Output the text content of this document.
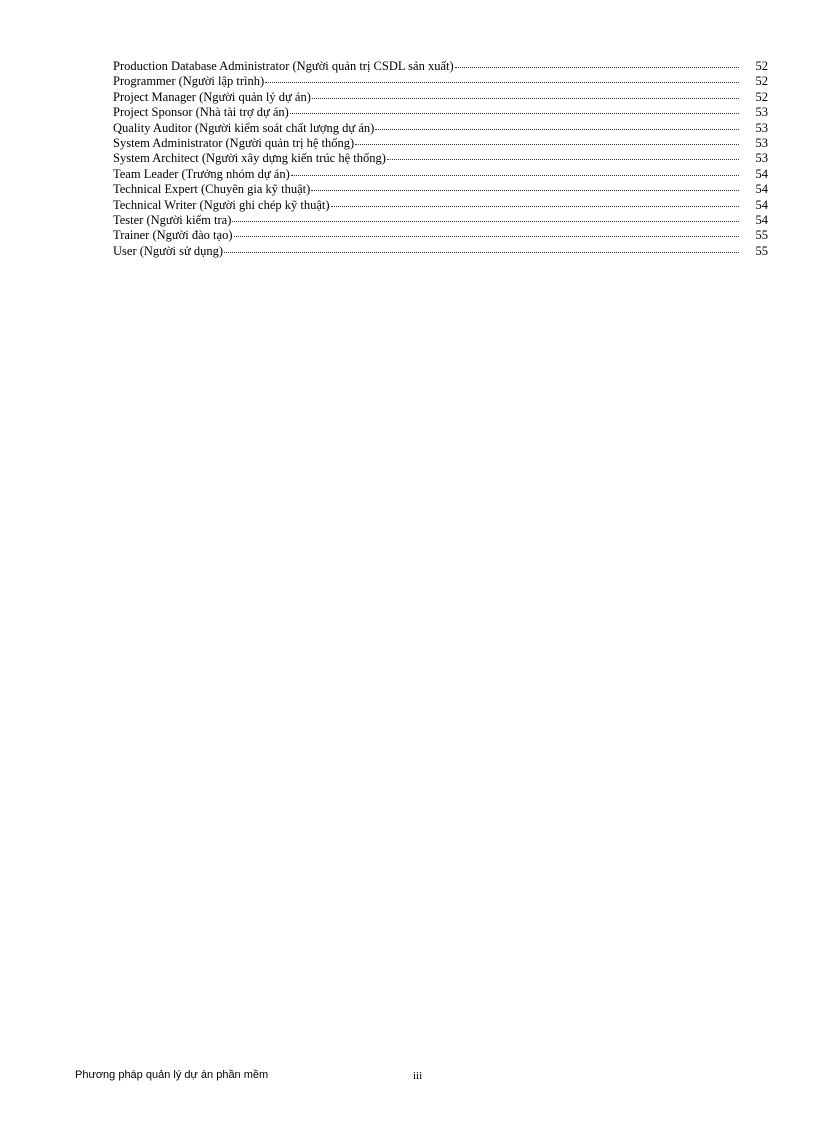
Production Database Administrator (Người quản trị CSDL sản xuất)	52
Programmer (Người lập trình)	52
Project Manager (Người quản lý dự án)	52
Project Sponsor (Nhà tài trợ dự án)	53
Quality Auditor (Người kiểm soát chất lượng dự án)	53
System Administrator (Người quản trị hệ thống)	53
System Architect (Người xây dựng kiến trúc hệ thống)	53
Team Leader (Trưởng nhóm dự án)	54
Technical Expert (Chuyên gia kỹ thuật)	54
Technical Writer (Người ghi chép kỹ thuật)	54
Tester (Người kiểm tra)	54
Trainer (Người đào tạo)	55
User (Người sử dụng)	55
Phương pháp quản lý dự án phần mềm	iii
